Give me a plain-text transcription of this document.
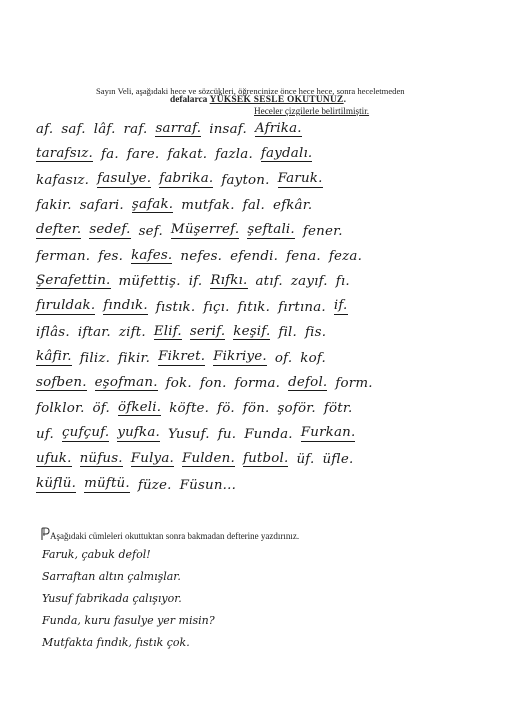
Sayın Veli, aşağıdaki hece ve sözcükleri, öğrencinize önce hece hece, sonra heceletmeden
defalarca YÜKSEK SESLE OKUTUNUZ.
Heceler çizgilerle belirtilmiştir.
af. saf. lâf. raf. sarraf. insaf. Afrika.
tarafsız. fa. fare. fakat. fazla. faydalı.
kafasız. fasulye. fabrika. fayton. Faruk.
fakir. safari. şafak. mutfak. fal. efkâr.
defter. sedef. sef. Müşerref. şeftali. fener.
ferman. fes. kafes. nefes. efendi. fena. feza.
Şerafettin. müfettiş. if. Rıfkı. atıf. zayıf. fı.
fıruldak. fındık. fıstık. fıçı. fıtık. fırtına. if.
iflâs. iftar. zift. Elif. serif. keşif. fil. fis.
kâfir. filiz. fikir. Fikret. Fikriye. of. kof.
sofben. eşofman. fok. fon. forma. defol. form.
folklor. öf. öfkeli. köfte. fö. fön. şoför. fötr.
uf. çufçuf. yufka. Yusuf. fu. Funda. Furkan.
ufuk. nüfus. Fulya. Fulden. futbol. üf. üfle.
küflü. müftü. füze. Füsun...
Aşağıdaki cümleleri okuttuktan sonra bakmadan defterine yazdırınız.
Faruk, çabuk defol!
Sarraftan altın çalmışlar.
Yusuf fabrikada çalışıyor.
Funda, kuru fasulye yer misin?
Mutfakta fındık, fıstık çok.
